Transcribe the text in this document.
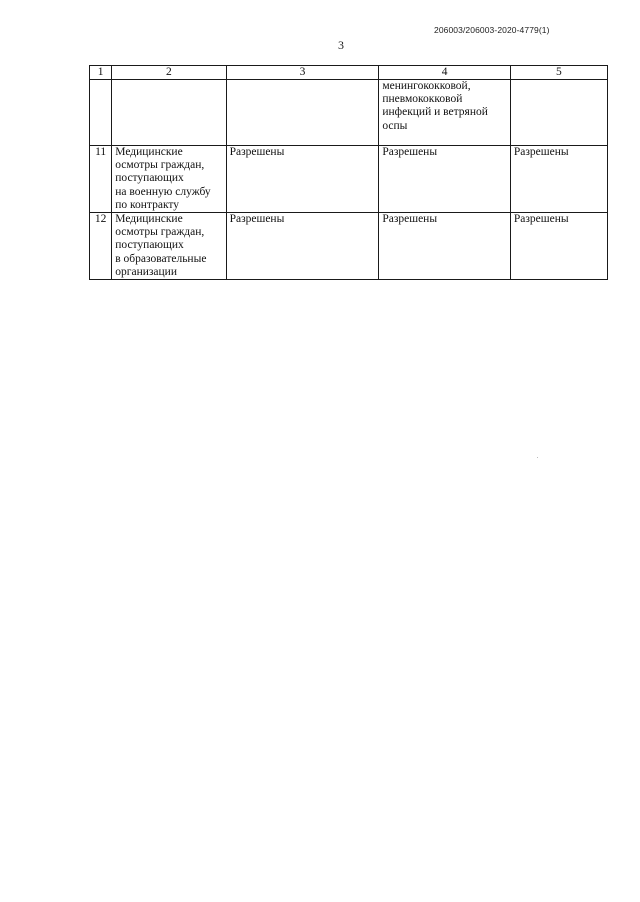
206003/206003-2020-4779(1)
3
1	2	3	4	5
			менингококковой,
пневмококковой
инфекций и ветряной
оспы	
11	Медицинские
осмотры граждан,
поступающих
на военную службу
по контракту	Разрешены	Разрешены	Разрешены
12	Медицинские
осмотры граждан,
поступающих
в образовательные
организации	Разрешены	Разрешены	Разрешены
